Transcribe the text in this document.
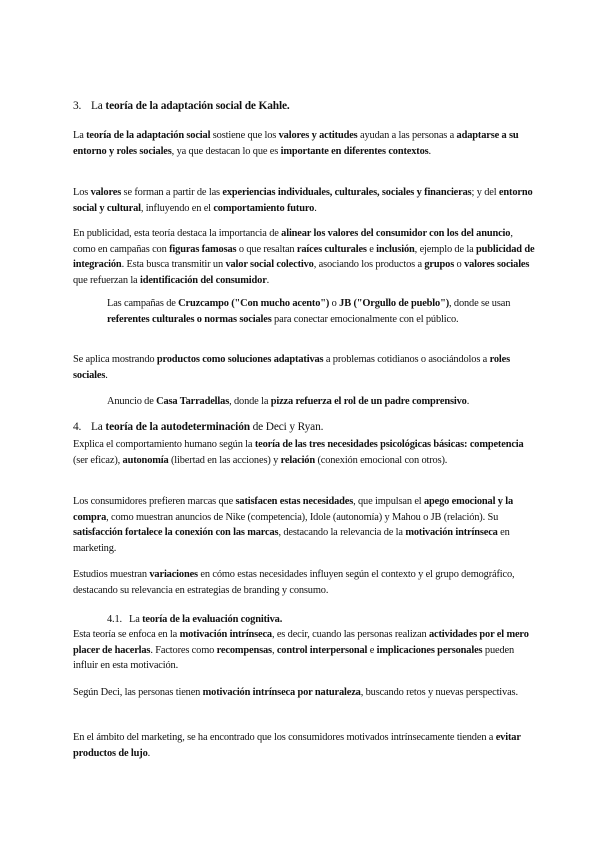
3. La teoría de la adaptación social de Kahle.

La teoría de la adaptación social sostiene que los valores y actitudes ayudan a las personas a adaptarse a su entorno y roles sociales, ya que destacan lo que es importante en diferentes contextos.

Los valores se forman a partir de las experiencias individuales, culturales, sociales y financieras; y del entorno social y cultural, influyendo en el comportamiento futuro.

En publicidad, esta teoría destaca la importancia de alinear los valores del consumidor con los del anuncio, como en campañas con figuras famosas o que resaltan raíces culturales e inclusión, ejemplo de la publicidad de integración. Esta busca transmitir un valor social colectivo, asociando los productos a grupos o valores sociales que refuerzan la identificación del consumidor.

Las campañas de Cruzcampo ("Con mucho acento") o JB ("Orgullo de pueblo"), donde se usan referentes culturales o normas sociales para conectar emocionalmente con el público.

Se aplica mostrando productos como soluciones adaptativas a problemas cotidianos o asociándolos a roles sociales.

Anuncio de Casa Tarradellas, donde la pizza refuerza el rol de un padre comprensivo.

4. La teoría de la autodeterminación de Deci y Ryan.

Explica el comportamiento humano según la teoría de las tres necesidades psicológicas básicas: competencia (ser eficaz), autonomía (libertad en las acciones) y relación (conexión emocional con otros).

Los consumidores prefieren marcas que satisfacen estas necesidades, que impulsan el apego emocional y la compra, como muestran anuncios de Nike (competencia), Idole (autonomía) y Mahou o JB (relación). Su satisfacción fortalece la conexión con las marcas, destacando la relevancia de la motivación intrínseca en marketing.

Estudios muestran variaciones en cómo estas necesidades influyen según el contexto y el grupo demográfico, destacando su relevancia en estrategias de branding y consumo.

4.1. La teoría de la evaluación cognitiva.

Esta teoría se enfoca en la motivación intrínseca, es decir, cuando las personas realizan actividades por el mero placer de hacerlas. Factores como recompensas, control interpersonal e implicaciones personales pueden influir en esta motivación.

Según Deci, las personas tienen motivación intrínseca por naturaleza, buscando retos y nuevas perspectivas.

En el ámbito del marketing, se ha encontrado que los consumidores motivados intrínsecamente tienden a evitar productos de lujo.
